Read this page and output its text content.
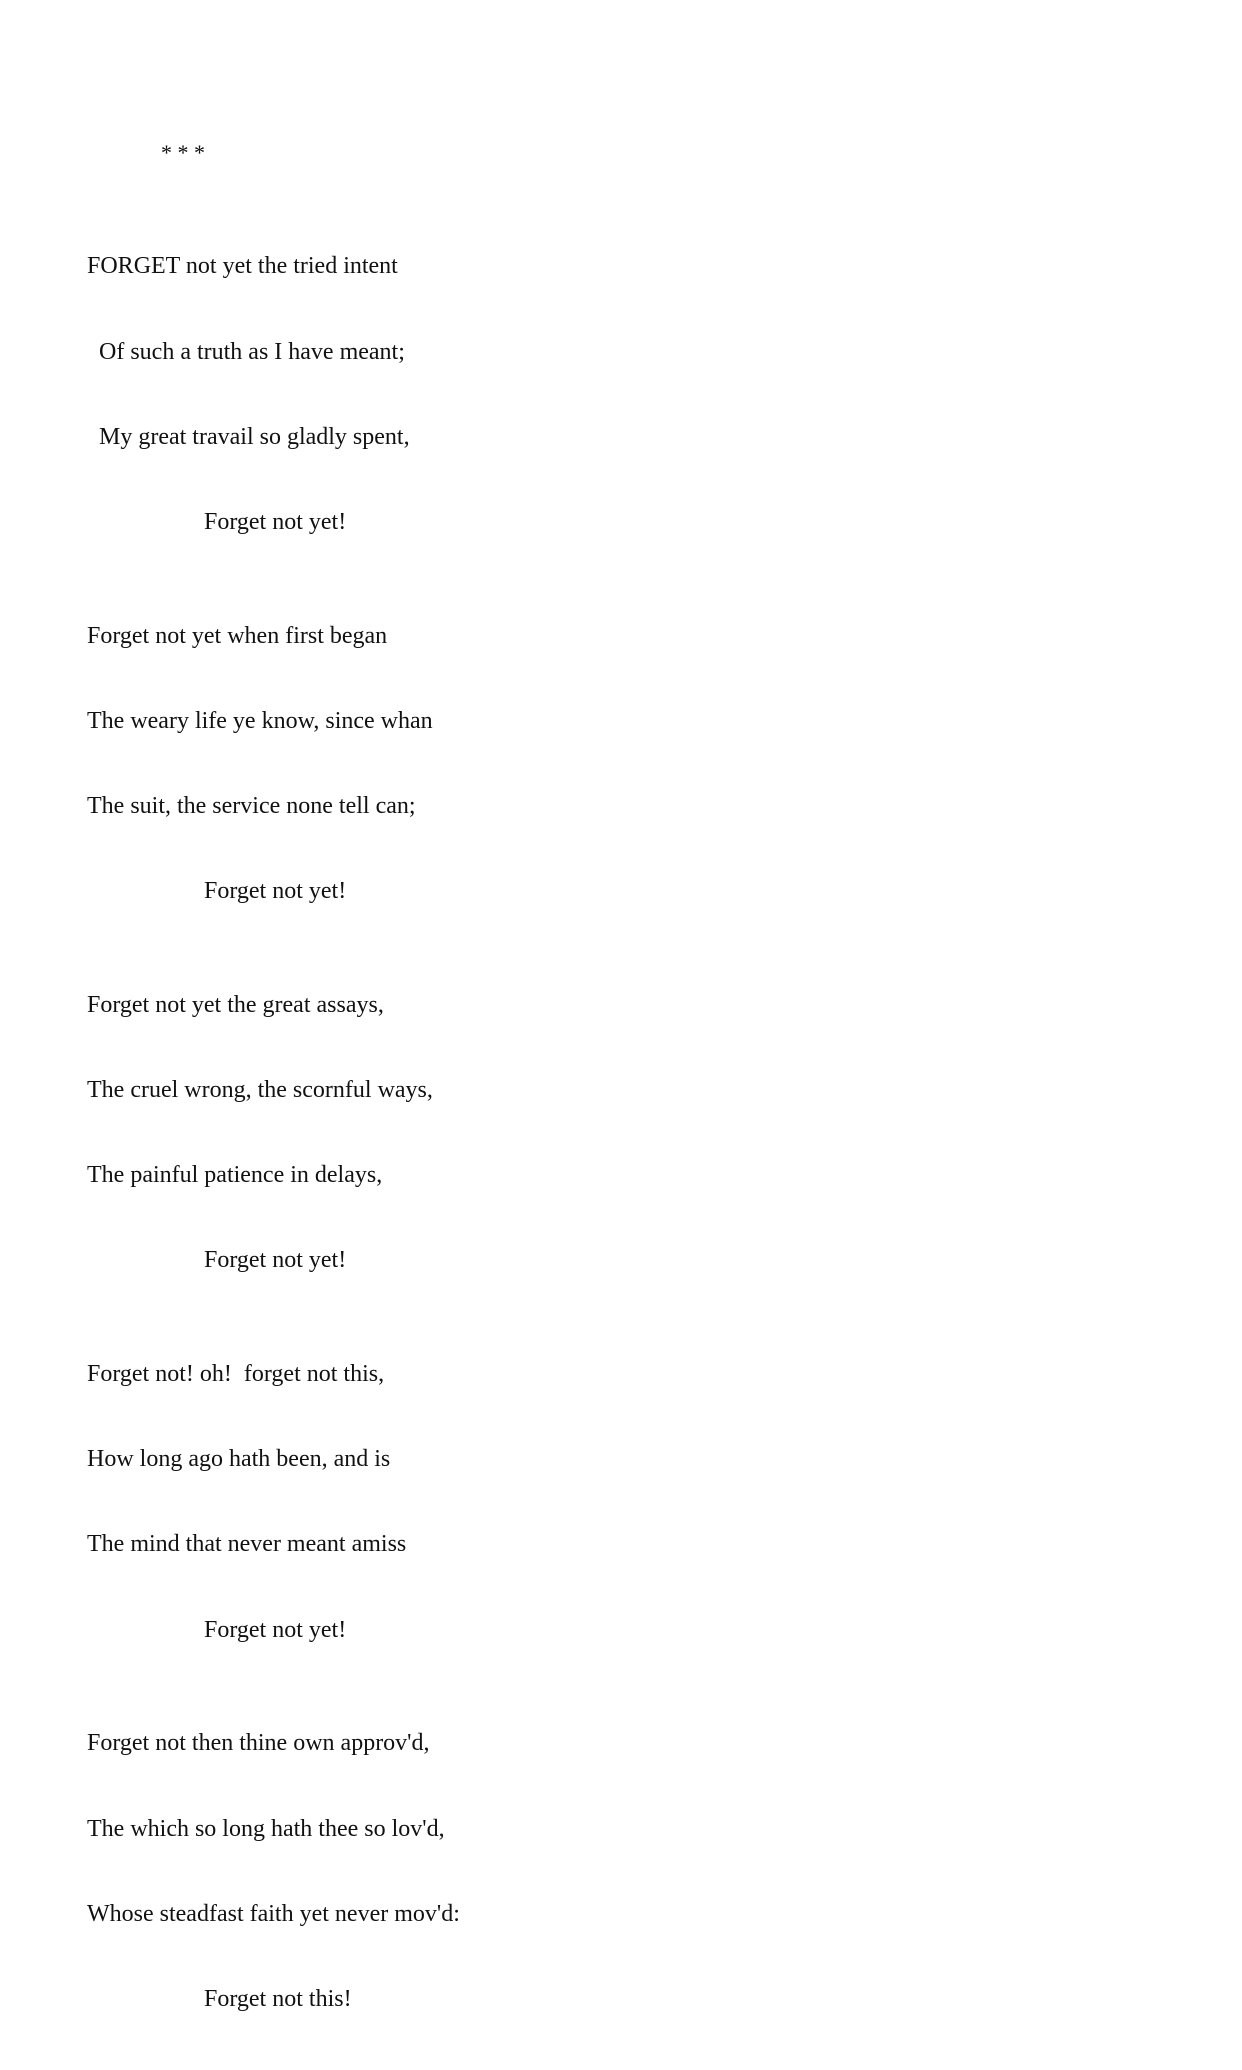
* * *

FORGET not yet the tried intent

Of such a truth as I have meant;

My great travail so gladly spent,

Forget not yet!

Forget not yet when first began

The weary life ye know, since whan

The suit, the service none tell can;

Forget not yet!

Forget not yet the great assays,

The cruel wrong, the scornful ways,

The painful patience in delays,

Forget not yet!

Forget not! oh!  forget not this,

How long ago hath been, and is

The mind that never meant amiss

Forget not yet!

Forget not then thine own approv'd,

The which so long hath thee so lov'd,

Whose steadfast faith yet never mov'd:

Forget not this!
